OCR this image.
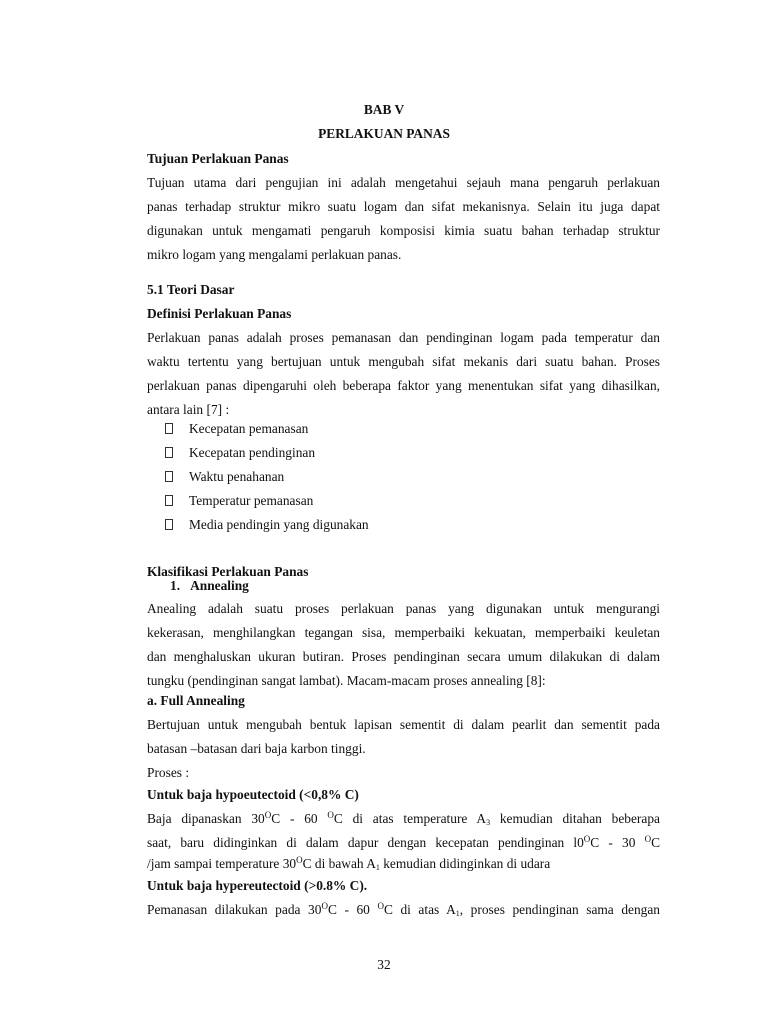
BAB V
PERLAKUAN PANAS
Tujuan Perlakuan Panas
Tujuan utama dari pengujian ini adalah mengetahui sejauh mana pengaruh perlakuan
panas terhadap struktur mikro suatu logam dan sifat mekanisnya. Selain itu juga dapat
digunakan untuk mengamati pengaruh komposisi kimia suatu bahan terhadap struktur
mikro logam yang mengalami perlakuan panas.
5.1 Teori Dasar
Definisi Perlakuan Panas
Perlakuan panas adalah proses pemanasan dan pendinginan logam pada temperatur dan
waktu tertentu yang bertujuan untuk mengubah sifat mekanis dari suatu bahan. Proses
perlakuan panas dipengaruhi oleh beberapa faktor yang menentukan sifat yang dihasilkan,
antara lain [7] :
Kecepatan pemanasan
Kecepatan pendinginan
Waktu penahanan
Temperatur pemanasan
Media pendingin yang digunakan
Klasifikasi Perlakuan Panas
1. Annealing
Anealing adalah suatu proses perlakuan panas yang digunakan untuk mengurangi
kekerasan, menghilangkan tegangan sisa, memperbaiki kekuatan, memperbaiki keuletan
dan menghaluskan ukuran butiran. Proses pendinginan secara umum dilakukan di dalam
tungku (pendinginan sangat lambat). Macam-macam proses annealing [8]:
a. Full Annealing
Bertujuan untuk mengubah bentuk lapisan sementit di dalam pearlit dan sementit pada
batasan –batasan dari baja karbon tinggi.
Proses :
Untuk baja hypoeutectoid (<0,8% C)
Baja dipanaskan $30^OC - 60$ $^O$C di atas temperature $A_3$ kemudian ditahan beberapa
saat, baru didinginkan di dalam dapur dengan kecepatan pendinginan $l0^OC - 30$ $^O$C
/jam sampai temperature $30^OC$ di bawah $A_1$ kemudian didinginkan di udara
Untuk baja hypereutectoid (>0.8% C).
Pemanasan dilakukan pada $30^OC - 60$ $^O$C di atas $A_1$, proses pendinginan sama dengan
32
